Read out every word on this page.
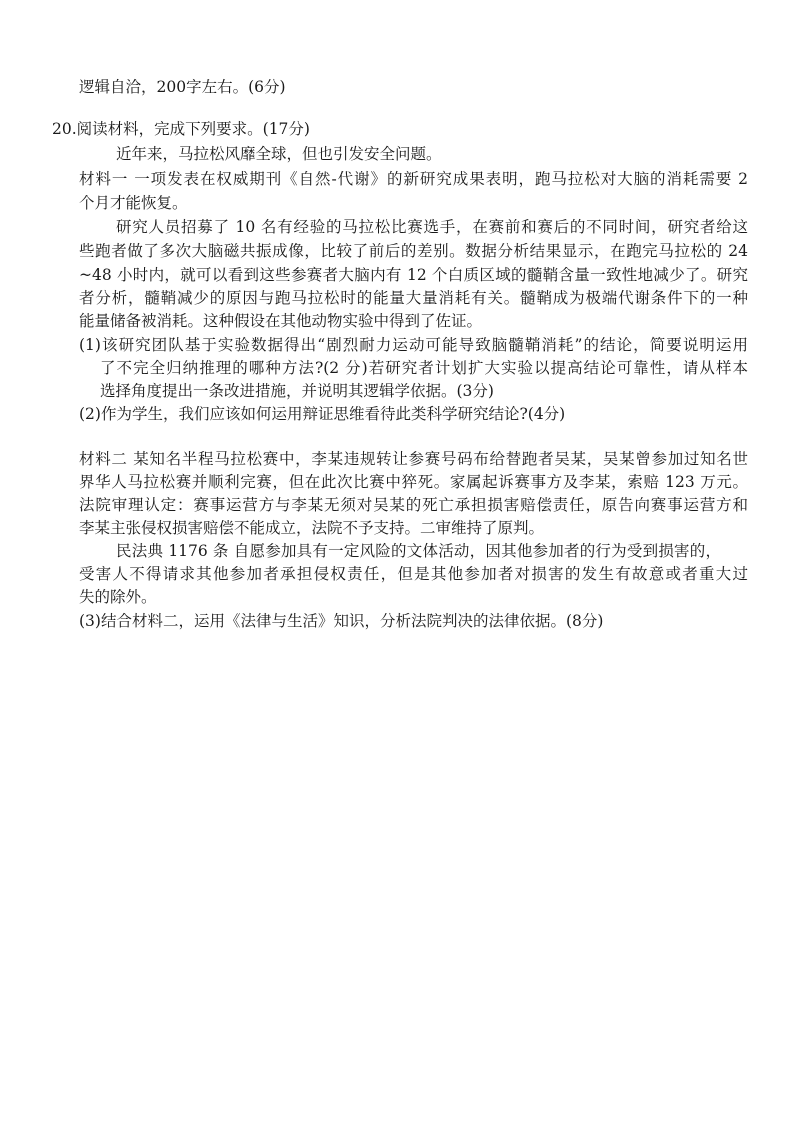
逻辑自洽，200字左右。(6分)
20.阅读材料，完成下列要求。(17分)
近年来，马拉松风靡全球，但也引发安全问题。
材料一 一项发表在权威期刊《自然-代谢》的新研究成果表明，跑马拉松对大脑的消耗需要 2
个月才能恢复。
研究人员招募了 10 名有经验的马拉松比赛选手，在赛前和赛后的不同时间，研究者给这
些跑者做了多次大脑磁共振成像，比较了前后的差别。数据分析结果显示，在跑完马拉松的 24
~48 小时内，就可以看到这些参赛者大脑内有 12 个白质区域的髓鞘含量一致性地减少了。研究
者分析，髓鞘减少的原因与跑马拉松时的能量大量消耗有关。髓鞘成为极端代谢条件下的一种
能量储备被消耗。这种假设在其他动物实验中得到了佐证。
(1)该研究团队基于实验数据得出“剧烈耐力运动可能导致脑髓鞘消耗”的结论，简要说明运用
了不完全归纳推理的哪种方法?(2 分)若研究者计划扩大实验以提高结论可靠性，请从样本
选择角度提出一条改进措施，并说明其逻辑学依据。(3分)
(2)作为学生，我们应该如何运用辩证思维看待此类科学研究结论?(4分)
材料二 某知名半程马拉松赛中，李某违规转让参赛号码布给替跑者吴某，吴某曾参加过知名世
界华人马拉松赛并顺利完赛，但在此次比赛中猝死。家属起诉赛事方及李某，索赔 123 万元。
法院审理认定：赛事运营方与李某无须对吴某的死亡承担损害赔偿责任，原告向赛事运营方和
李某主张侵权损害赔偿不能成立，法院不予支持。二审维持了原判。
民法典 1176 条 自愿参加具有一定风险的文体活动，因其他参加者的行为受到损害的，
受害人不得请求其他参加者承担侵权责任，但是其他参加者对损害的发生有故意或者重大过
失的除外。
(3)结合材料二，运用《法律与生活》知识，分析法院判决的法律依据。(8分)
